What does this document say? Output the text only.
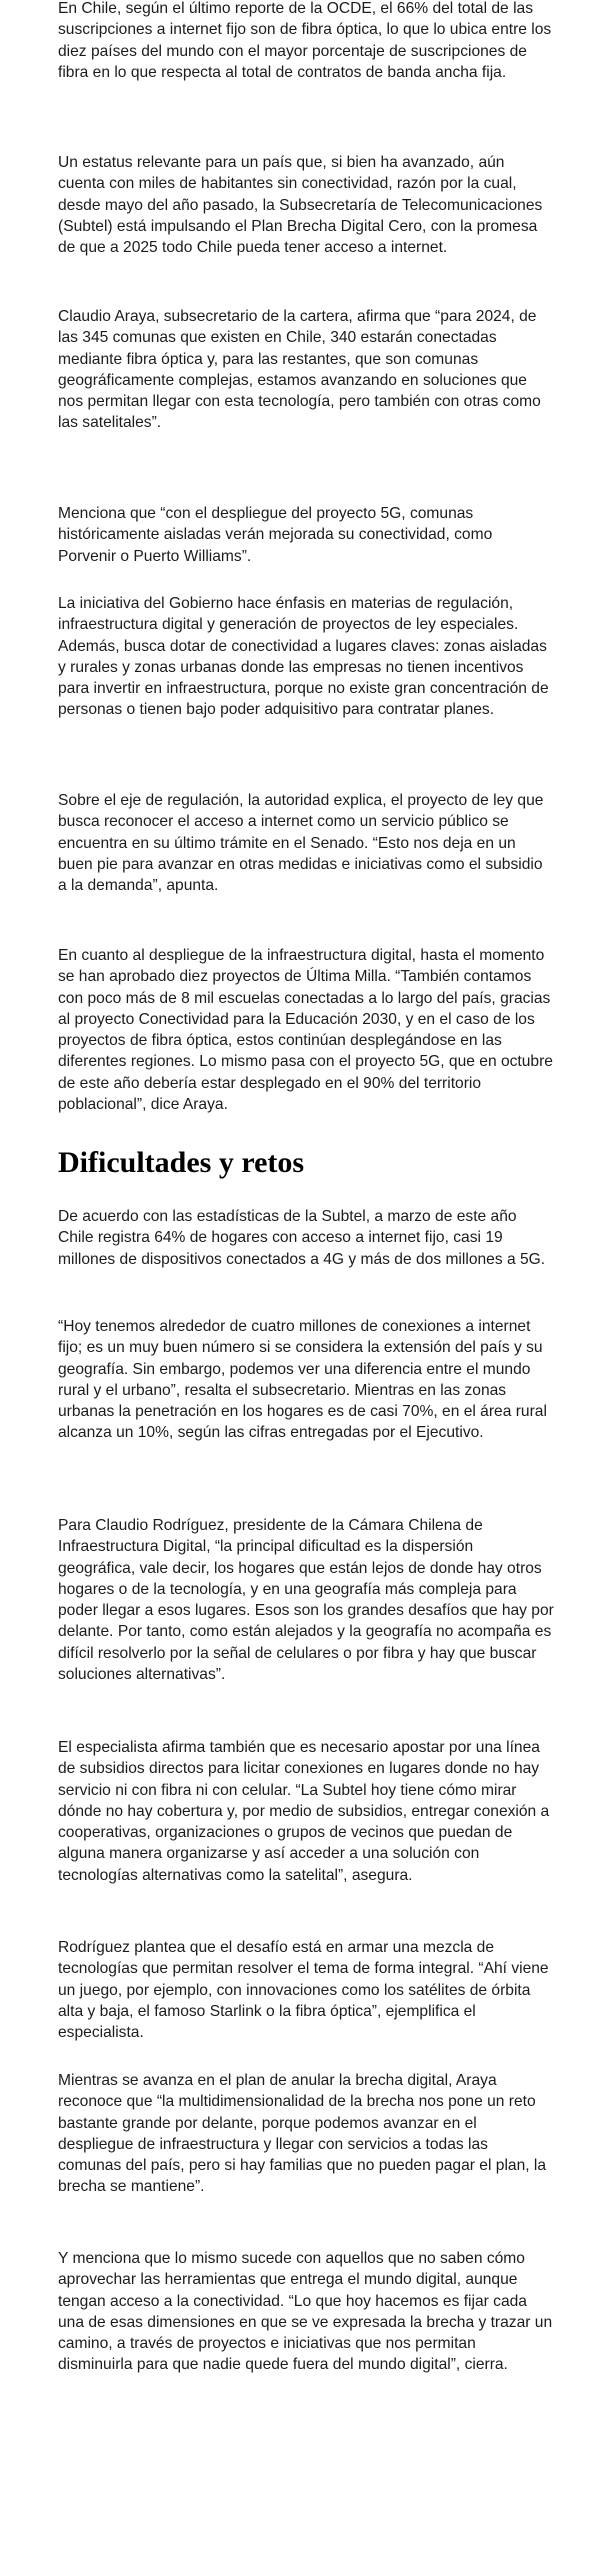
En Chile, según el último reporte de la OCDE, el 66% del total de las suscripciones a internet fijo son de fibra óptica, lo que lo ubica entre los diez países del mundo con el mayor porcentaje de suscripciones de fibra en lo que respecta al total de contratos de banda ancha fija.

Un estatus relevante para un país que, si bien ha avanzado, aún cuenta con miles de habitantes sin conectividad, razón por la cual, desde mayo del año pasado, la Subsecretaría de Telecomunicaciones (Subtel) está impulsando el Plan Brecha Digital Cero, con la promesa de que a 2025 todo Chile pueda tener acceso a internet.

Claudio Araya, subsecretario de la cartera, afirma que “para 2024, de las 345 comunas que existen en Chile, 340 estarán conectadas mediante fibra óptica y, para las restantes, que son comunas geográficamente complejas, estamos avanzando en soluciones que nos permitan llegar con esta tecnología, pero también con otras como las satelitales”.

Menciona que “con el despliegue del proyecto 5G, comunas históricamente aisladas verán mejorada su conectividad, como Porvenir o Puerto Williams”.

La iniciativa del Gobierno hace énfasis en materias de regulación, infraestructura digital y generación de proyectos de ley especiales. Además, busca dotar de conectividad a lugares claves: zonas aisladas y rurales y zonas urbanas donde las empresas no tienen incentivos para invertir en infraestructura, porque no existe gran concentración de personas o tienen bajo poder adquisitivo para contratar planes.

Sobre el eje de regulación, la autoridad explica, el proyecto de ley que busca reconocer el acceso a internet como un servicio público se encuentra en su último trámite en el Senado. “Esto nos deja en un buen pie para avanzar en otras medidas e iniciativas como el subsidio a la demanda”, apunta.

En cuanto al despliegue de la infraestructura digital, hasta el momento se han aprobado diez proyectos de Última Milla. “También contamos con poco más de 8 mil escuelas conectadas a lo largo del país, gracias al proyecto Conectividad para la Educación 2030, y en el caso de los proyectos de fibra óptica, estos continúan desplegándose en las diferentes regiones. Lo mismo pasa con el proyecto 5G, que en octubre de este año debería estar desplegado en el 90% del territorio poblacional”, dice Araya.

Dificultades y retos

De acuerdo con las estadísticas de la Subtel, a marzo de este año Chile registra 64% de hogares con acceso a internet fijo, casi 19 millones de dispositivos conectados a 4G y más de dos millones a 5G.

“Hoy tenemos alrededor de cuatro millones de conexiones a internet fijo; es un muy buen número si se considera la extensión del país y su geografía. Sin embargo, podemos ver una diferencia entre el mundo rural y el urbano”, resalta el subsecretario. Mientras en las zonas urbanas la penetración en los hogares es de casi 70%, en el área rural alcanza un 10%, según las cifras entregadas por el Ejecutivo.

Para Claudio Rodríguez, presidente de la Cámara Chilena de Infraestructura Digital, “la principal dificultad es la dispersión geográfica, vale decir, los hogares que están lejos de donde hay otros hogares o de la tecnología, y en una geografía más compleja para poder llegar a esos lugares. Esos son los grandes desafíos que hay por delante. Por tanto, como están alejados y la geografía no acompaña es difícil resolverlo por la señal de celulares o por fibra y hay que buscar soluciones alternativas”.

El especialista afirma también que es necesario apostar por una línea de subsidios directos para licitar conexiones en lugares donde no hay servicio ni con fibra ni con celular. “La Subtel hoy tiene cómo mirar dónde no hay cobertura y, por medio de subsidios, entregar conexión a cooperativas, organizaciones o grupos de vecinos que puedan de alguna manera organizarse y así acceder a una solución con tecnologías alternativas como la satelital”, asegura.

Rodríguez plantea que el desafío está en armar una mezcla de tecnologías que permitan resolver el tema de forma integral. “Ahí viene un juego, por ejemplo, con innovaciones como los satélites de órbita alta y baja, el famoso Starlink o la fibra óptica”, ejemplifica el especialista.

Mientras se avanza en el plan de anular la brecha digital, Araya reconoce que “la multidimensionalidad de la brecha nos pone un reto bastante grande por delante, porque podemos avanzar en el despliegue de infraestructura y llegar con servicios a todas las comunas del país, pero si hay familias que no pueden pagar el plan, la brecha se mantiene”.

Y menciona que lo mismo sucede con aquellos que no saben cómo aprovechar las herramientas que entrega el mundo digital, aunque tengan acceso a la conectividad. “Lo que hoy hacemos es fijar cada una de esas dimensiones en que se ve expresada la brecha y trazar un camino, a través de proyectos e iniciativas que nos permitan disminuirla para que nadie quede fuera del mundo digital”, cierra.
